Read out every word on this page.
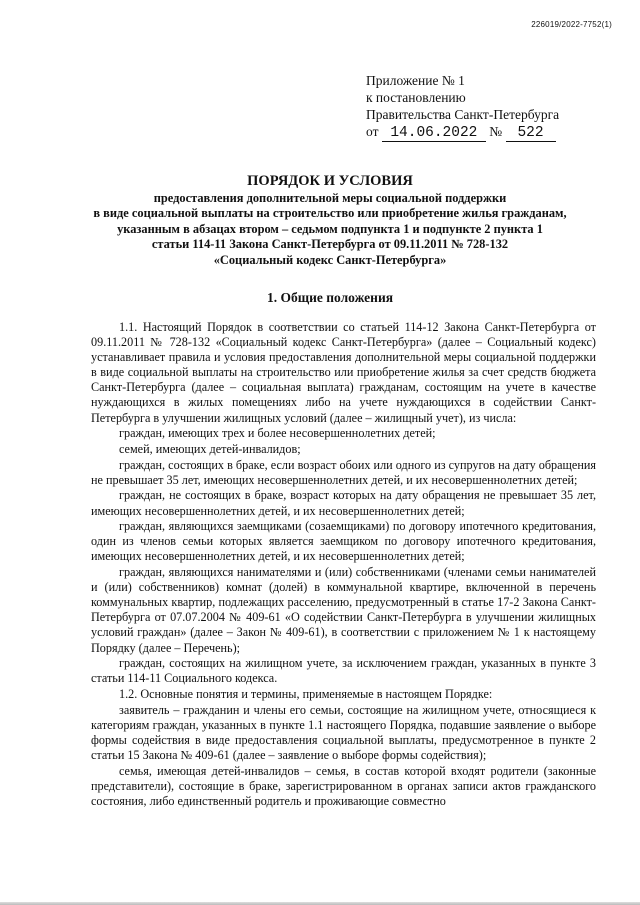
226019/2022-7752(1)
Приложение № 1
к постановлению
Правительства Санкт-Петербурга
от 14.06.2022 № 522
ПОРЯДОК И УСЛОВИЯ
предоставления дополнительной меры социальной поддержки
в виде социальной выплаты на строительство или приобретение жилья гражданам,
указанным в абзацах втором – седьмом подпункта 1 и подпункте 2 пункта 1
статьи 114-11 Закона Санкт-Петербурга от 09.11.2011 № 728-132
«Социальный кодекс Санкт-Петербурга»
1. Общие положения

1.1. Настоящий Порядок в соответствии со статьей 114-12 Закона Санкт-Петербурга от 09.11.2011 № 728-132 «Социальный кодекс Санкт-Петербурга» (далее – Социальный кодекс) устанавливает правила и условия предоставления дополнительной меры социальной поддержки в виде социальной выплаты на строительство или приобретение жилья за счет средств бюджета Санкт-Петербурга (далее – социальная выплата) гражданам, состоящим на учете в качестве нуждающихся в жилых помещениях либо на учете нуждающихся в содействии Санкт-Петербурга в улучшении жилищных условий (далее – жилищный учет), из числа:

граждан, имеющих трех и более несовершеннолетних детей;

семей, имеющих детей-инвалидов;

граждан, состоящих в браке, если возраст обоих или одного из супругов на дату обращения не превышает 35 лет, имеющих несовершеннолетних детей, и их несовершеннолетних детей;

граждан, не состоящих в браке, возраст которых на дату обращения не превышает 35 лет, имеющих несовершеннолетних детей, и их несовершеннолетних детей;

граждан, являющихся заемщиками (созаемщиками) по договору ипотечного кредитования, один из членов семьи которых является заемщиком по договору ипотечного кредитования, имеющих несовершеннолетних детей, и их несовершеннолетних детей;

граждан, являющихся нанимателями и (или) собственниками (членами семьи нанимателей и (или) собственников) комнат (долей) в коммунальной квартире, включенной в перечень коммунальных квартир, подлежащих расселению, предусмотренный в статье 17-2 Закона Санкт-Петербурга от 07.07.2004 № 409-61 «О содействии Санкт-Петербурга в улучшении жилищных условий граждан» (далее – Закон № 409-61), в соответствии с приложением № 1 к настоящему Порядку (далее – Перечень);

граждан, состоящих на жилищном учете, за исключением граждан, указанных в пункте 3 статьи 114-11 Социального кодекса.

1.2. Основные понятия и термины, применяемые в настоящем Порядке:

заявитель – гражданин и члены его семьи, состоящие на жилищном учете, относящиеся к категориям граждан, указанных в пункте 1.1 настоящего Порядка, подавшие заявление о выборе формы содействия в виде предоставления социальной выплаты, предусмотренное в пункте 2 статьи 15 Закона № 409-61 (далее – заявление о выборе формы содействия);

семья, имеющая детей-инвалидов – семья, в состав которой входят родители (законные представители), состоящие в браке, зарегистрированном в органах записи актов гражданского состояния, либо единственный родитель и проживающие совместно
